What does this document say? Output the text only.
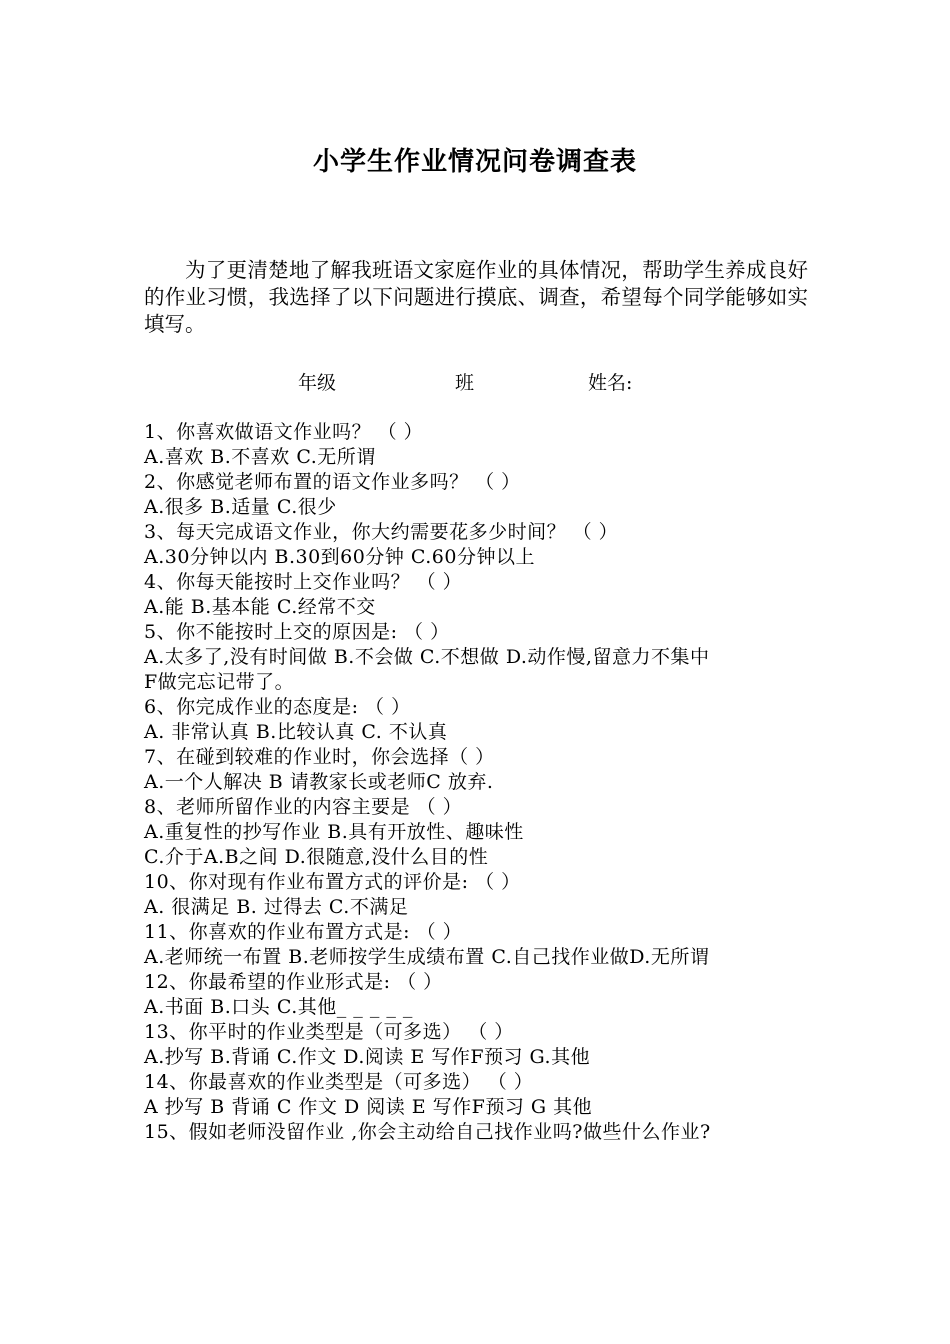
小学生作业情况问卷调查表

为了更清楚地了解我班语文家庭作业的具体情况，帮助学生养成良好的作业习惯，我选择了以下问题进行摸底、调查，希望每个同学能够如实填写。

年级	班	姓名:
1、你喜欢做语文作业吗？ （ ）
A.喜欢 B.不喜欢 C.无所谓
2、你感觉老师布置的语文作业多吗？ （ ）
A.很多 B.适量 C.很少
3、每天完成语文作业，你大约需要花多少时间？ （ ）
A.30分钟以内 B.30到60分钟 C.60分钟以上
4、你每天能按时上交作业吗？ （ ）
A.能 B.基本能 C.经常不交
5、你不能按时上交的原因是: （ ）
A.太多了,没有时间做 B.不会做 C.不想做 D.动作慢,留意力不集中
F做完忘记带了。
6、你完成作业的态度是: （ ）
A. 非常认真 B.比较认真 C. 不认真
7、在碰到较难的作业时，你会选择（ ）
A.一个人解决 B 请教家长或老师C 放弃.
8、老师所留作业的内容主要是 （ ）
A.重复性的抄写作业 B.具有开放性、趣味性
C.介于A.B之间 D.很随意,没什么目的性
10、你对现有作业布置方式的评价是: （ ）
A. 很满足 B. 过得去 C.不满足
11、你喜欢的作业布置方式是: （ ）
A.老师统一布置 B.老师按学生成绩布置 C.自己找作业做D.无所谓
12、你最希望的作业形式是: （ ）
A.书面 B.口头 C.其他_ _ _ _ _
13、你平时的作业类型是（可多选） （ ）
A.抄写 B.背诵 C.作文 D.阅读 E 写作F预习 G.其他
14、你最喜欢的作业类型是（可多选） （ ）
A 抄写 B 背诵 C 作文 D 阅读 E 写作F预习 G 其他
15、假如老师没留作业 ,你会主动给自己找作业吗?做些什么作业?
